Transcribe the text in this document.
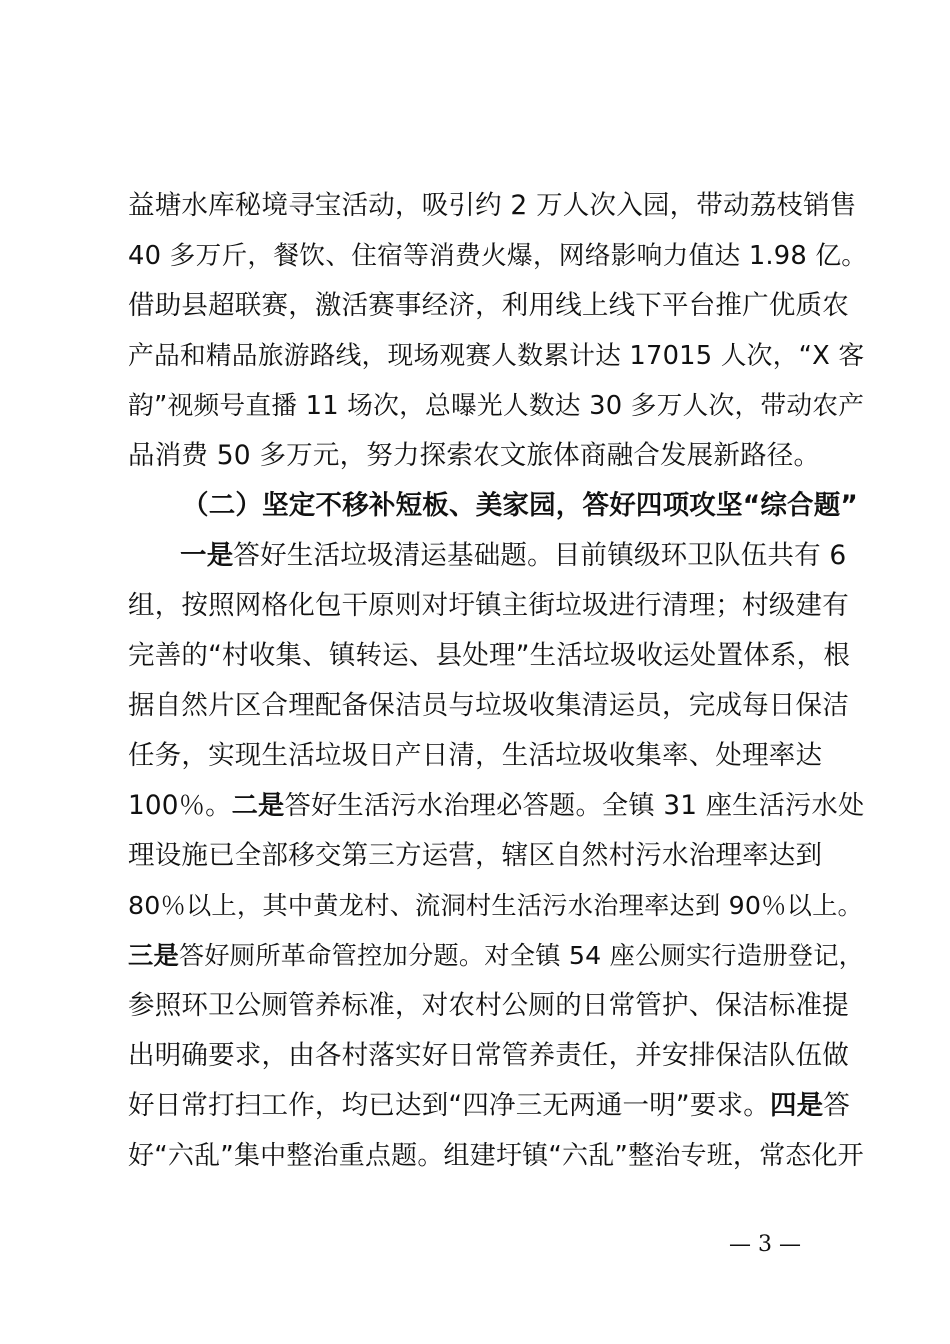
益塘水库秘境寻宝活动，吸引约 2 万人次入园，带动荔枝销售
40 多万斤，餐饮、住宿等消费火爆，网络影响力值达 1.98 亿。
借助县超联赛，激活赛事经济，利用线上线下平台推广优质农
产品和精品旅游路线，现场观赛人数累计达 17015 人次，“X 客
韵”视频号直播 11 场次，总曝光人数达 30 多万人次，带动农产
品消费 50 多万元，努力探索农文旅体商融合发展新路径。
（二）坚定不移补短板、美家园，答好四项攻坚“综合题”
一是答好生活垃圾清运基础题。目前镇级环卫队伍共有 6
组，按照网格化包干原则对圩镇主街垃圾进行清理；村级建有
完善的“村收集、镇转运、县处理”生活垃圾收运处置体系，根
据自然片区合理配备保洁员与垃圾收集清运员，完成每日保洁
任务，实现生活垃圾日产日清，生活垃圾收集率、处理率达
100％。二是答好生活污水治理必答题。全镇 31 座生活污水处
理设施已全部移交第三方运营，辖区自然村污水治理率达到
80％以上，其中黄龙村、流洞村生活污水治理率达到 90％以上。
三是答好厕所革命管控加分题。对全镇 54 座公厕实行造册登记，
参照环卫公厕管养标准，对农村公厕的日常管护、保洁标准提
出明确要求，由各村落实好日常管养责任，并安排保洁队伍做
好日常打扫工作，均已达到“四净三无两通一明”要求。四是答
好“六乱”集中整治重点题。组建圩镇“六乱”整治专班，常态化开
— 3 —
